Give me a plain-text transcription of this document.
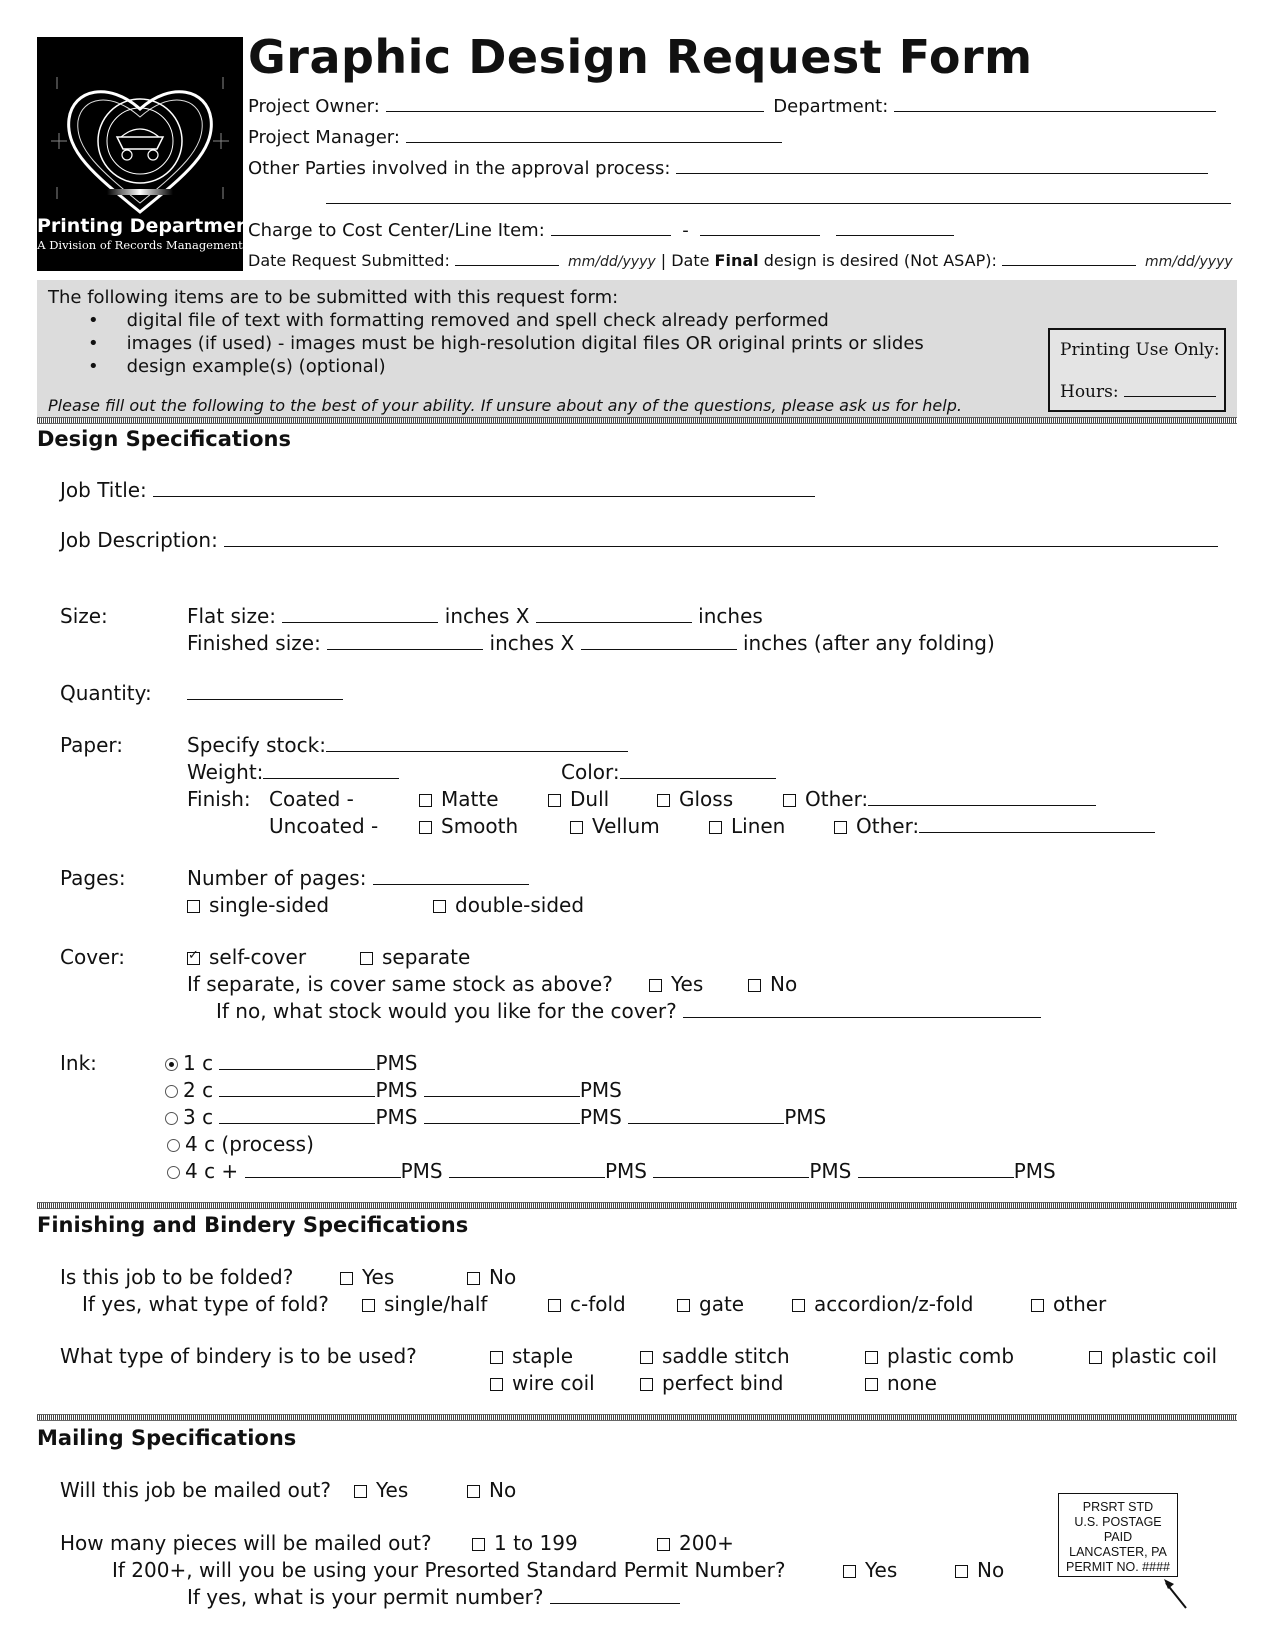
Printing Department
A Division of Records Management
Graphic Design Request Form
Project Owner:	Department:
Project Manager:
Other Parties involved in the approval process:
Charge to Cost Center/Line Item:	-
Date Request Submitted:	mm/dd/yyyy | Date Final design is desired (Not ASAP):	mm/dd/yyyy
The following items are to be submitted with this request form:
• digital file of text with formatting removed and spell check already performed
• images (if used) - images must be high-resolution digital files OR original prints or slides
• design example(s) (optional)
Please fill out the following to the best of your ability. If unsure about any of the questions, please ask us for help.
Printing Use Only:
Hours:
Design Specifications
Job Title:
Job Description:
Size:	Flat size:	inches X	inches
Finished size:	inches X	inches (after any folding)
Quantity:
Paper:	Specify stock:
Weight:	Color:
Finish: Coated -	Matte	Dull	Gloss	Other:
Uncoated -	Smooth	Vellum	Linen	Other:
Pages:	Number of pages:
single-sided	double-sided
Cover:
✓	self-cover	separate
If separate, is cover same stock as above?	Yes	No
If no, what stock would you like for the cover?
Ink:	1 c	PMS
2 c	PMS	PMS
3 c	PMS	PMS	PMS
4 c (process)
4 c +	PMS	PMS	PMS	PMS
Finishing and Bindery Specifications
Is this job to be folded?	Yes	No
If yes, what type of fold?	single/half	c-fold	gate	accordion/z-fold	other
What type of bindery is to be used?	staple	saddle stitch	plastic comb	plastic coil
wire coil	perfect bind	none
Mailing Specifications
Will this job be mailed out?	Yes	No
How many pieces will be mailed out?	1 to 199	200+
If 200+, will you be using your Presorted Standard Permit Number?	Yes	No
If yes, what is your permit number?
PRSRT STD
U.S. POSTAGE
PAID
LANCASTER, PA
PERMIT NO. ####
